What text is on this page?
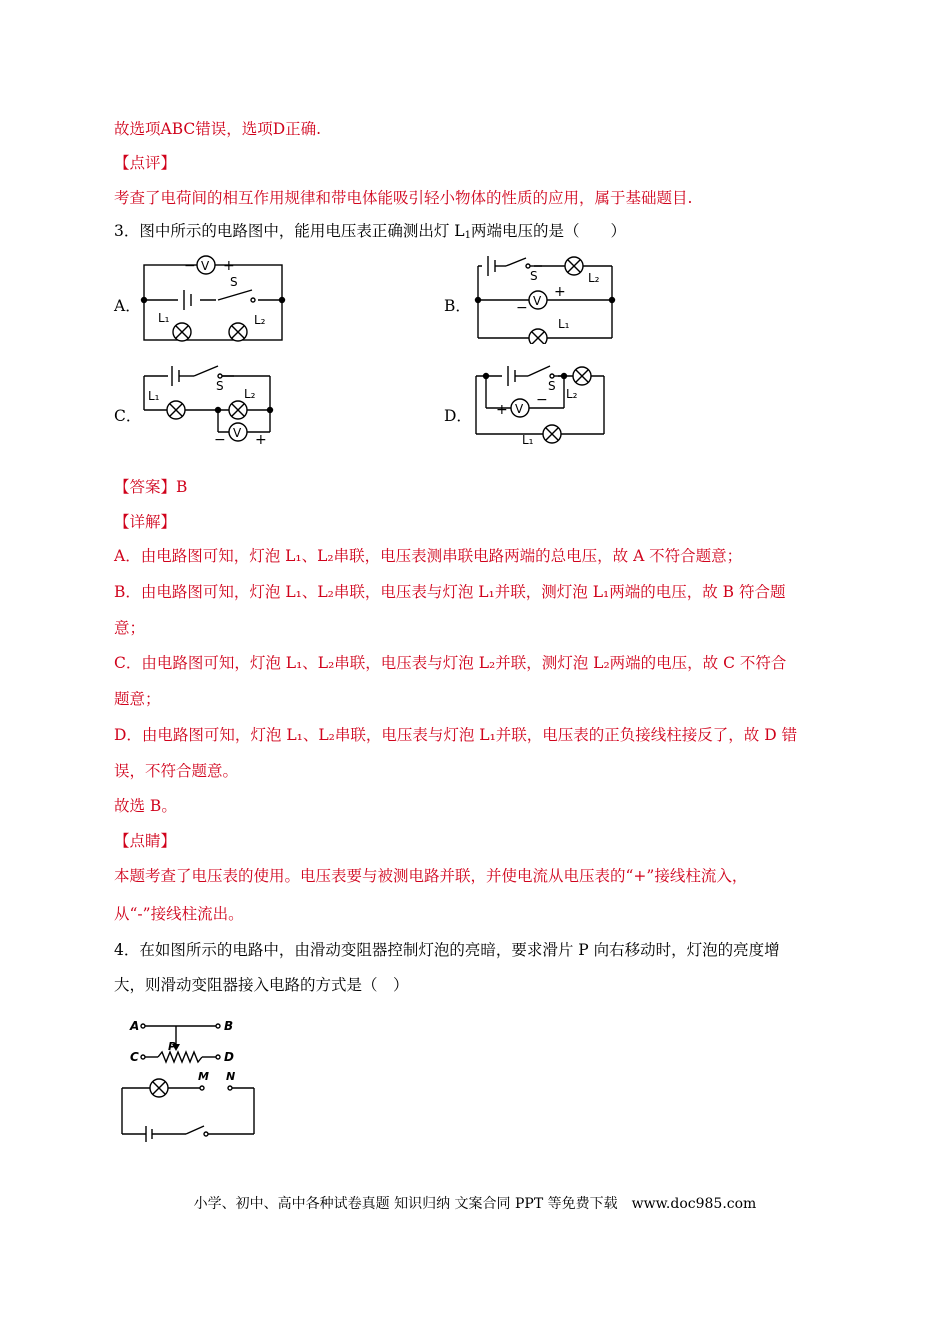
故选项ABC错误，选项D正确.
【点评】
考查了电荷间的相互作用规律和带电体能吸引轻小物体的性质的应用，属于基础题目.
3．图中所示的电路图中，能用电压表正确测出灯 $L_1$两端电压的是（　　）
A．
− V +
S
L₁	L₂
B．
S	L₂
− V
+
L₁
C．
S
L₁	L₂
− V +
D．
S
L₂
+ V
−
L₁
【答案】B
【详解】
A．由电路图可知，灯泡 L₁、L₂串联，电压表测串联电路两端的总电压，故 A 不符合题意；
B．由电路图可知，灯泡 L₁、L₂串联，电压表与灯泡 L₁并联，测灯泡 L₁两端的电压，故 B 符合题
意；
C．由电路图可知，灯泡 L₁、L₂串联，电压表与灯泡 L₂并联，测灯泡 L₂两端的电压，故 C 不符合
题意；
D．由电路图可知，灯泡 L₁、L₂串联，电压表与灯泡 L₁并联，电压表的正负接线柱接反了，故 D 错
误，不符合题意。
故选 B。
【点睛】
本题考查了电压表的使用。电压表要与被测电路并联，并使电流从电压表的“+”接线柱流入，
从“-”接线柱流出。
4．在如图所示的电路中，由滑动变阻器控制灯泡的亮暗，要求滑片 P 向右移动时，灯泡的亮度增
大，则滑动变阻器接入电路的方式是（　）
A	B
P
C	D
M N
小学、初中、高中各种试卷真题 知识归纳 文案合同 PPT 等免费下载　www.doc985.com
